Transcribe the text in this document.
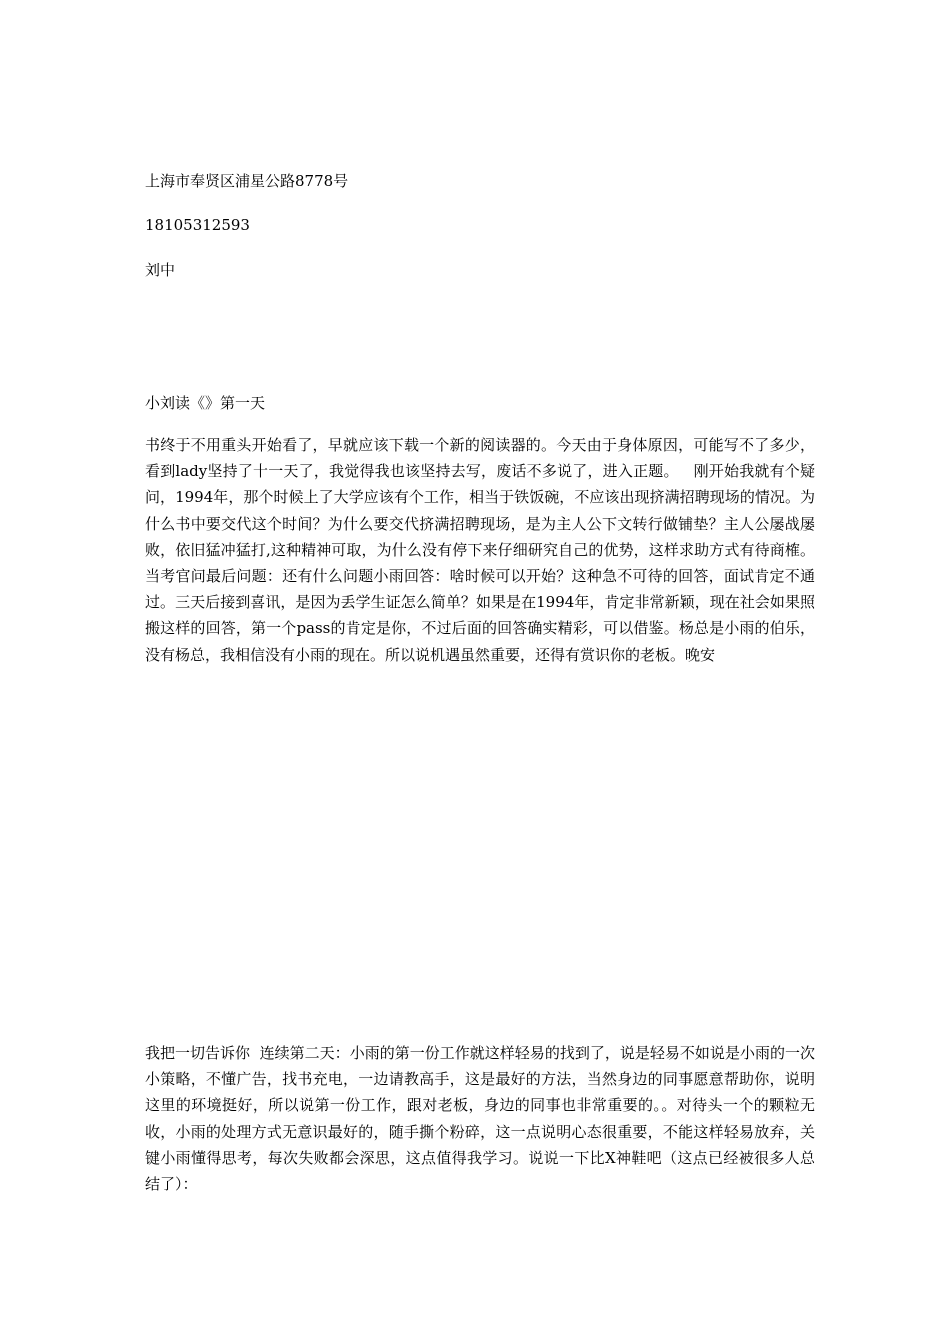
上海市奉贤区浦星公路8778号
18105312593
刘中
小刘读《》第一天

书终于不用重头开始看了，早就应该下载一个新的阅读器的。今天由于身体原因，可能写不了多少，看到lady坚持了十一天了，我觉得我也该坚持去写，废话不多说了，进入正题。   刚开始我就有个疑问，1994年，那个时候上了大学应该有个工作，相当于铁饭碗，不应该出现挤满招聘现场的情况。为什么书中要交代这个时间？为什么要交代挤满招聘现场，是为主人公下文转行做铺垫？主人公屡战屡败，依旧猛冲猛打,这种精神可取，为什么没有停下来仔细研究自己的优势，这样求助方式有待商榷。当考官问最后问题：还有什么问题小雨回答：啥时候可以开始？这种急不可待的回答，面试肯定不通过。三天后接到喜讯，是因为丢学生证怎么简单？如果是在1994年，肯定非常新颖，现在社会如果照搬这样的回答，第一个pass的肯定是你，不过后面的回答确实精彩，可以借鉴。杨总是小雨的伯乐，没有杨总，我相信没有小雨的现在。所以说机遇虽然重要，还得有赏识你的老板。晚安

我把一切告诉你  连续第二天：小雨的第一份工作就这样轻易的找到了，说是轻易不如说是小雨的一次小策略，不懂广告，找书充电，一边请教高手，这是最好的方法，当然身边的同事愿意帮助你，说明这里的环境挺好，所以说第一份工作，跟对老板，身边的同事也非常重要的。。对待头一个的颗粒无收，小雨的处理方式无意识最好的，随手撕个粉碎，这一点说明心态很重要，不能这样轻易放弃，关键小雨懂得思考，每次失败都会深思，这点值得我学习。说说一下比X神鞋吧（这点已经被很多人总结了）：
